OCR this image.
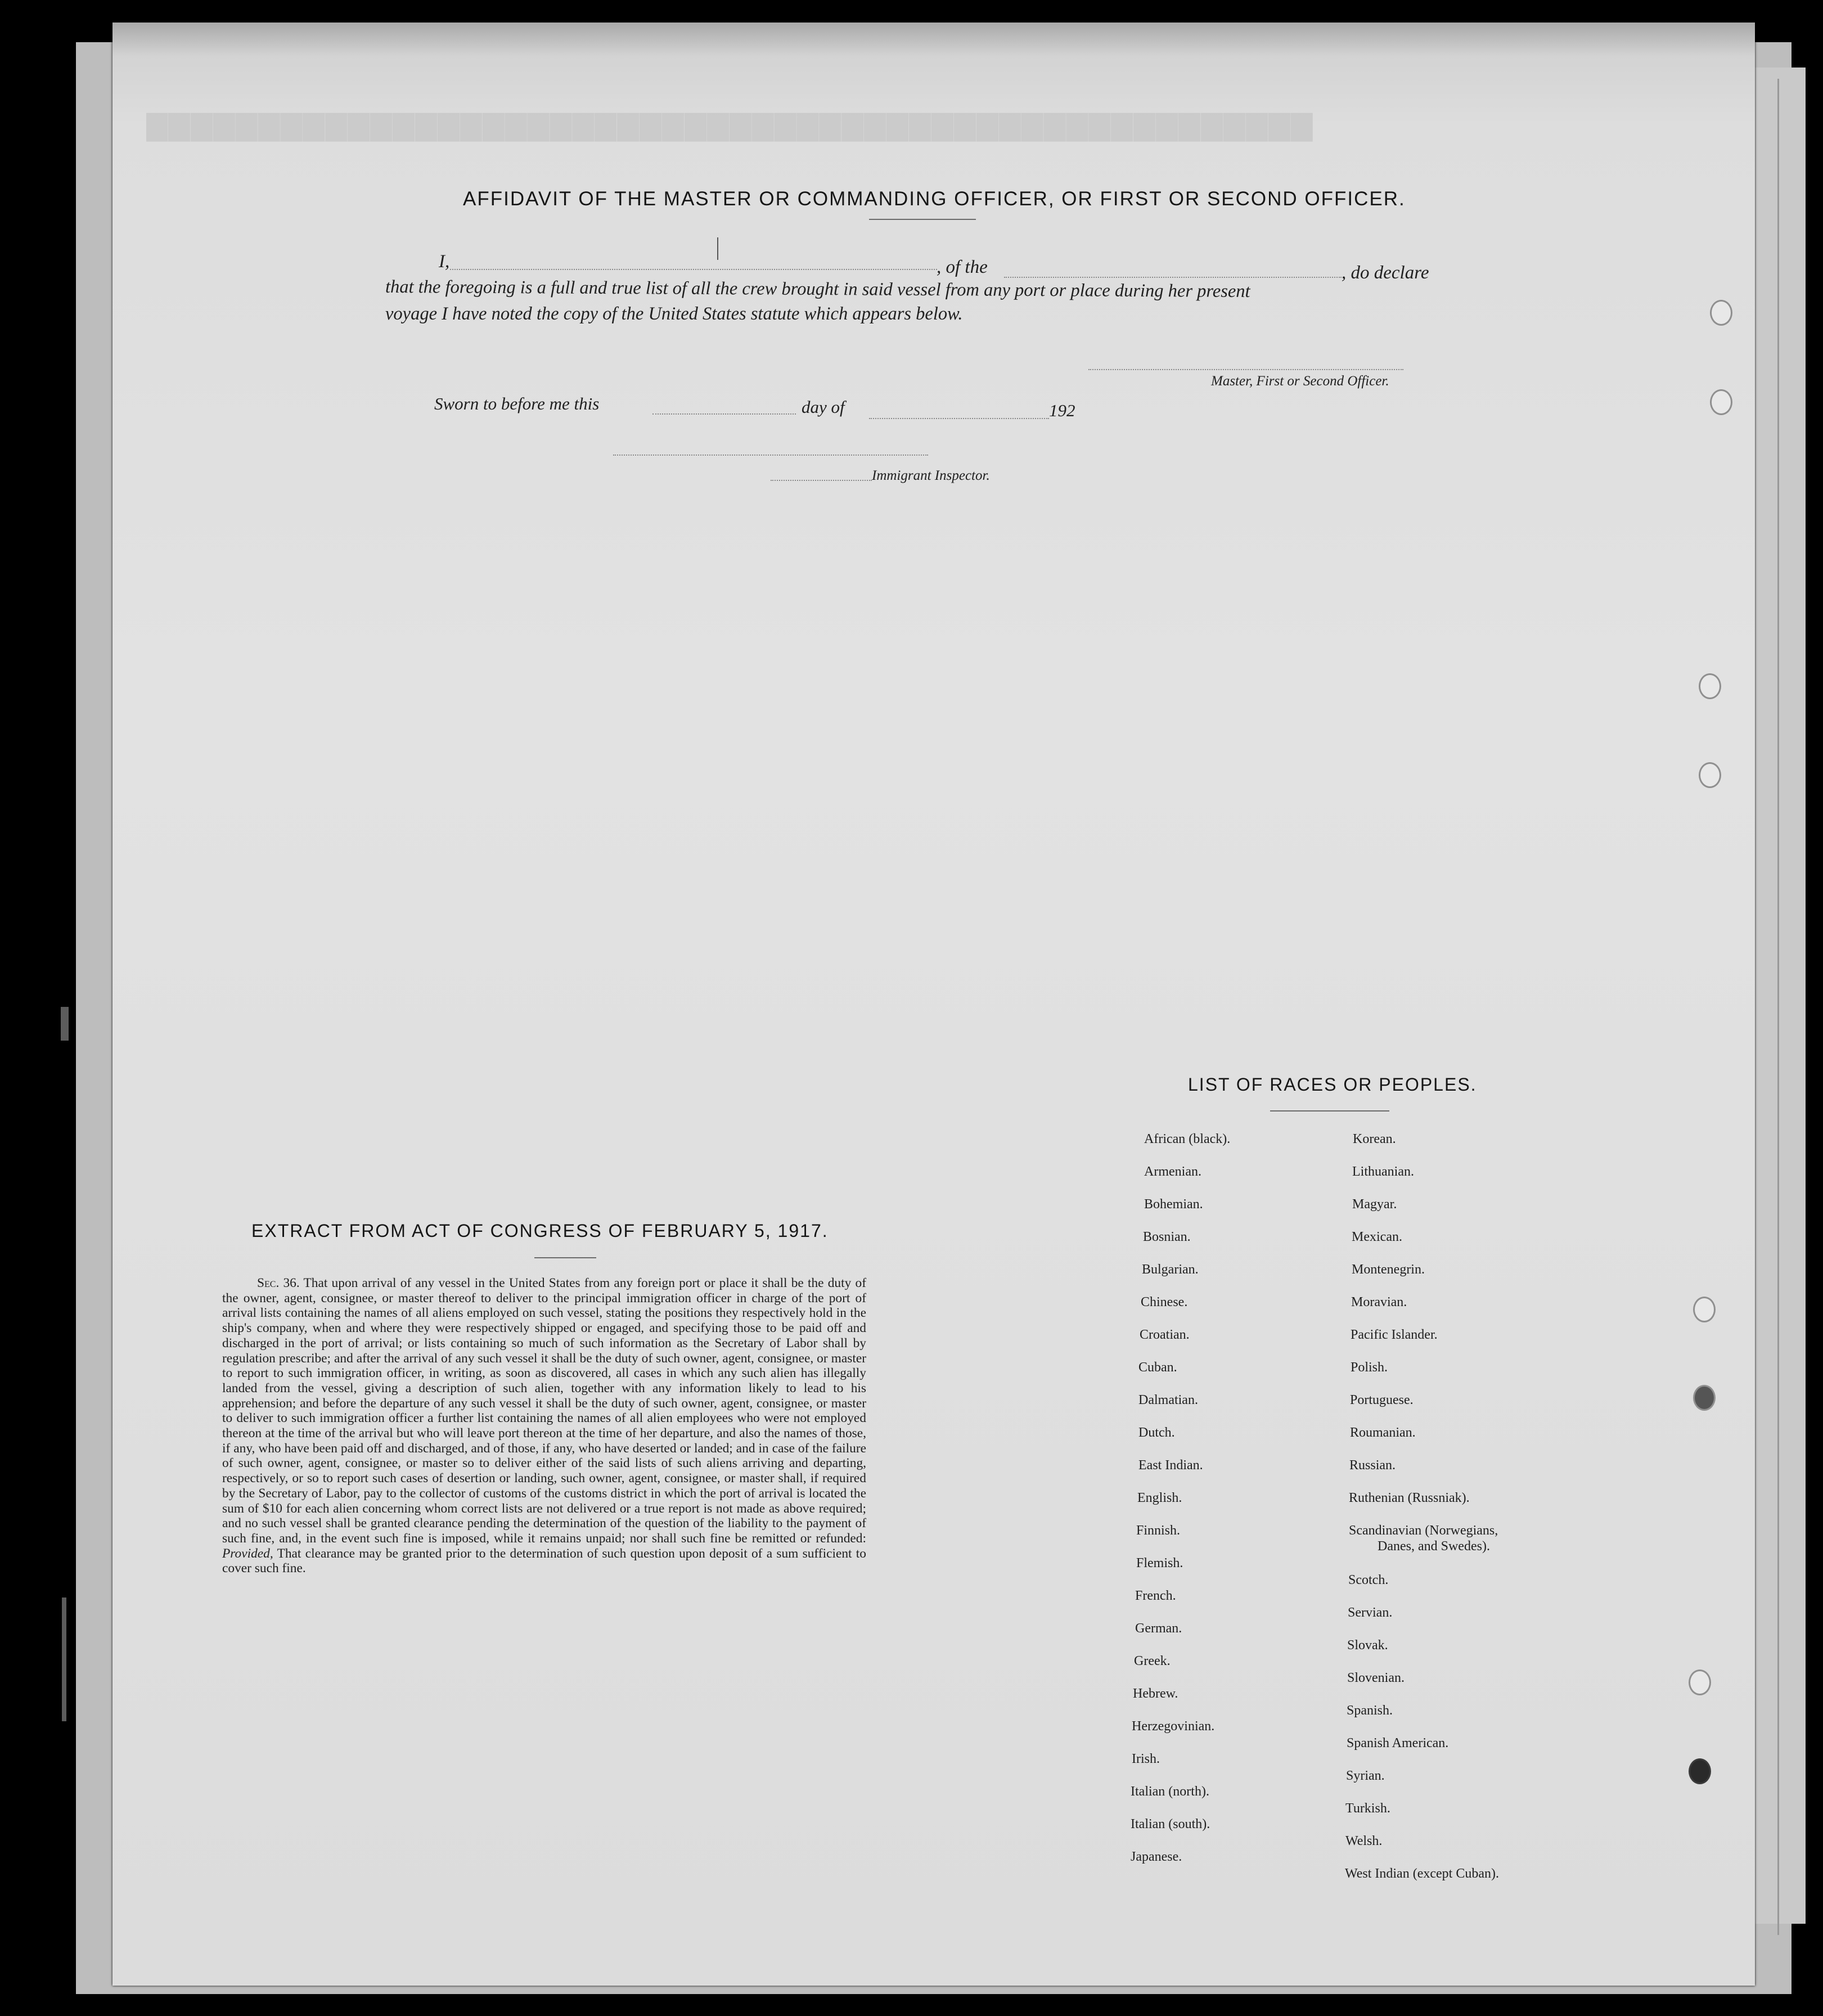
▇▇▇▇▇▇▇▇▇▇▇▇▇▇▇▇▇▇▇▇▇▇▇▇▇▇▇▇▇▇▇▇▇▇▇▇▇▇▇▇▇▇▇▇▇▇▇▇▇▇▇▇
AFFIDAVIT OF THE MASTER OR COMMANDING OFFICER, OR FIRST OR SECOND OFFICER.
I,	, of the	, do declare
that the foregoing is a full and true list of all the crew brought in said vessel from any port or place during her present
voyage I have noted the copy of the United States statute which appears below.
Master, First or Second Officer.
Sworn to before me this	day of	192
Immigrant Inspector.
EXTRACT FROM ACT OF CONGRESS OF FEBRUARY 5, 1917.
Sec. 36. That upon arrival of any vessel in the United States from any foreign port or place it shall be the duty of the owner, agent, consignee, or master thereof to deliver to the principal immigration officer in charge of the port of arrival lists containing the names of all aliens employed on such vessel, stating the positions they respectively hold in the ship's company, when and where they were respectively shipped or engaged, and specifying those to be paid off and discharged in the port of arrival; or lists containing so much of such information as the Secretary of Labor shall by regulation prescribe; and after the arrival of any such vessel it shall be the duty of such owner, agent, consignee, or master to report to such immigration officer, in writing, as soon as discovered, all cases in which any such alien has illegally landed from the vessel, giving a description of such alien, together with any information likely to lead to his apprehension; and before the departure of any such vessel it shall be the duty of such owner, agent, consignee, or master to deliver to such immigration officer a further list containing the names of all alien employees who were not employed thereon at the time of the arrival but who will leave port thereon at the time of her departure, and also the names of those, if any, who have been paid off and discharged, and of those, if any, who have deserted or landed; and in case of the failure of such owner, agent, consignee, or master so to deliver either of the said lists of such aliens arriving and departing, respectively, or so to report such cases of desertion or landing, such owner, agent, consignee, or master shall, if required by the Secretary of Labor, pay to the collector of customs of the customs district in which the port of arrival is located the sum of $10 for each alien concerning whom correct lists are not delivered or a true report is not made as above required; and no such vessel shall be granted clearance pending the determination of the question of the liability to the payment of such fine, and, in the event such fine is imposed, while it remains unpaid; nor shall such fine be remitted or refunded: Provided, That clearance may be granted prior to the determination of such question upon deposit of a sum sufficient to cover such fine.
LIST OF RACES OR PEOPLES.
African (black).
Armenian.
Bohemian.
Bosnian.
Bulgarian.
Chinese.
Croatian.
Cuban.
Dalmatian.
Dutch.
East Indian.
English.
Finnish.
Flemish.
French.
German.
Greek.
Hebrew.
Herzegovinian.
Irish.
Italian (north).
Italian (south).
Japanese.
Korean.
Lithuanian.
Magyar.
Mexican.
Montenegrin.
Moravian.
Pacific Islander.
Polish.
Portuguese.
Roumanian.
Russian.
Ruthenian (Russniak).
Scandinavian (Norwegians,
Danes, and Swedes).
Scotch.
Servian.
Slovak.
Slovenian.
Spanish.
Spanish American.
Syrian.
Turkish.
Welsh.
West Indian (except Cuban).
